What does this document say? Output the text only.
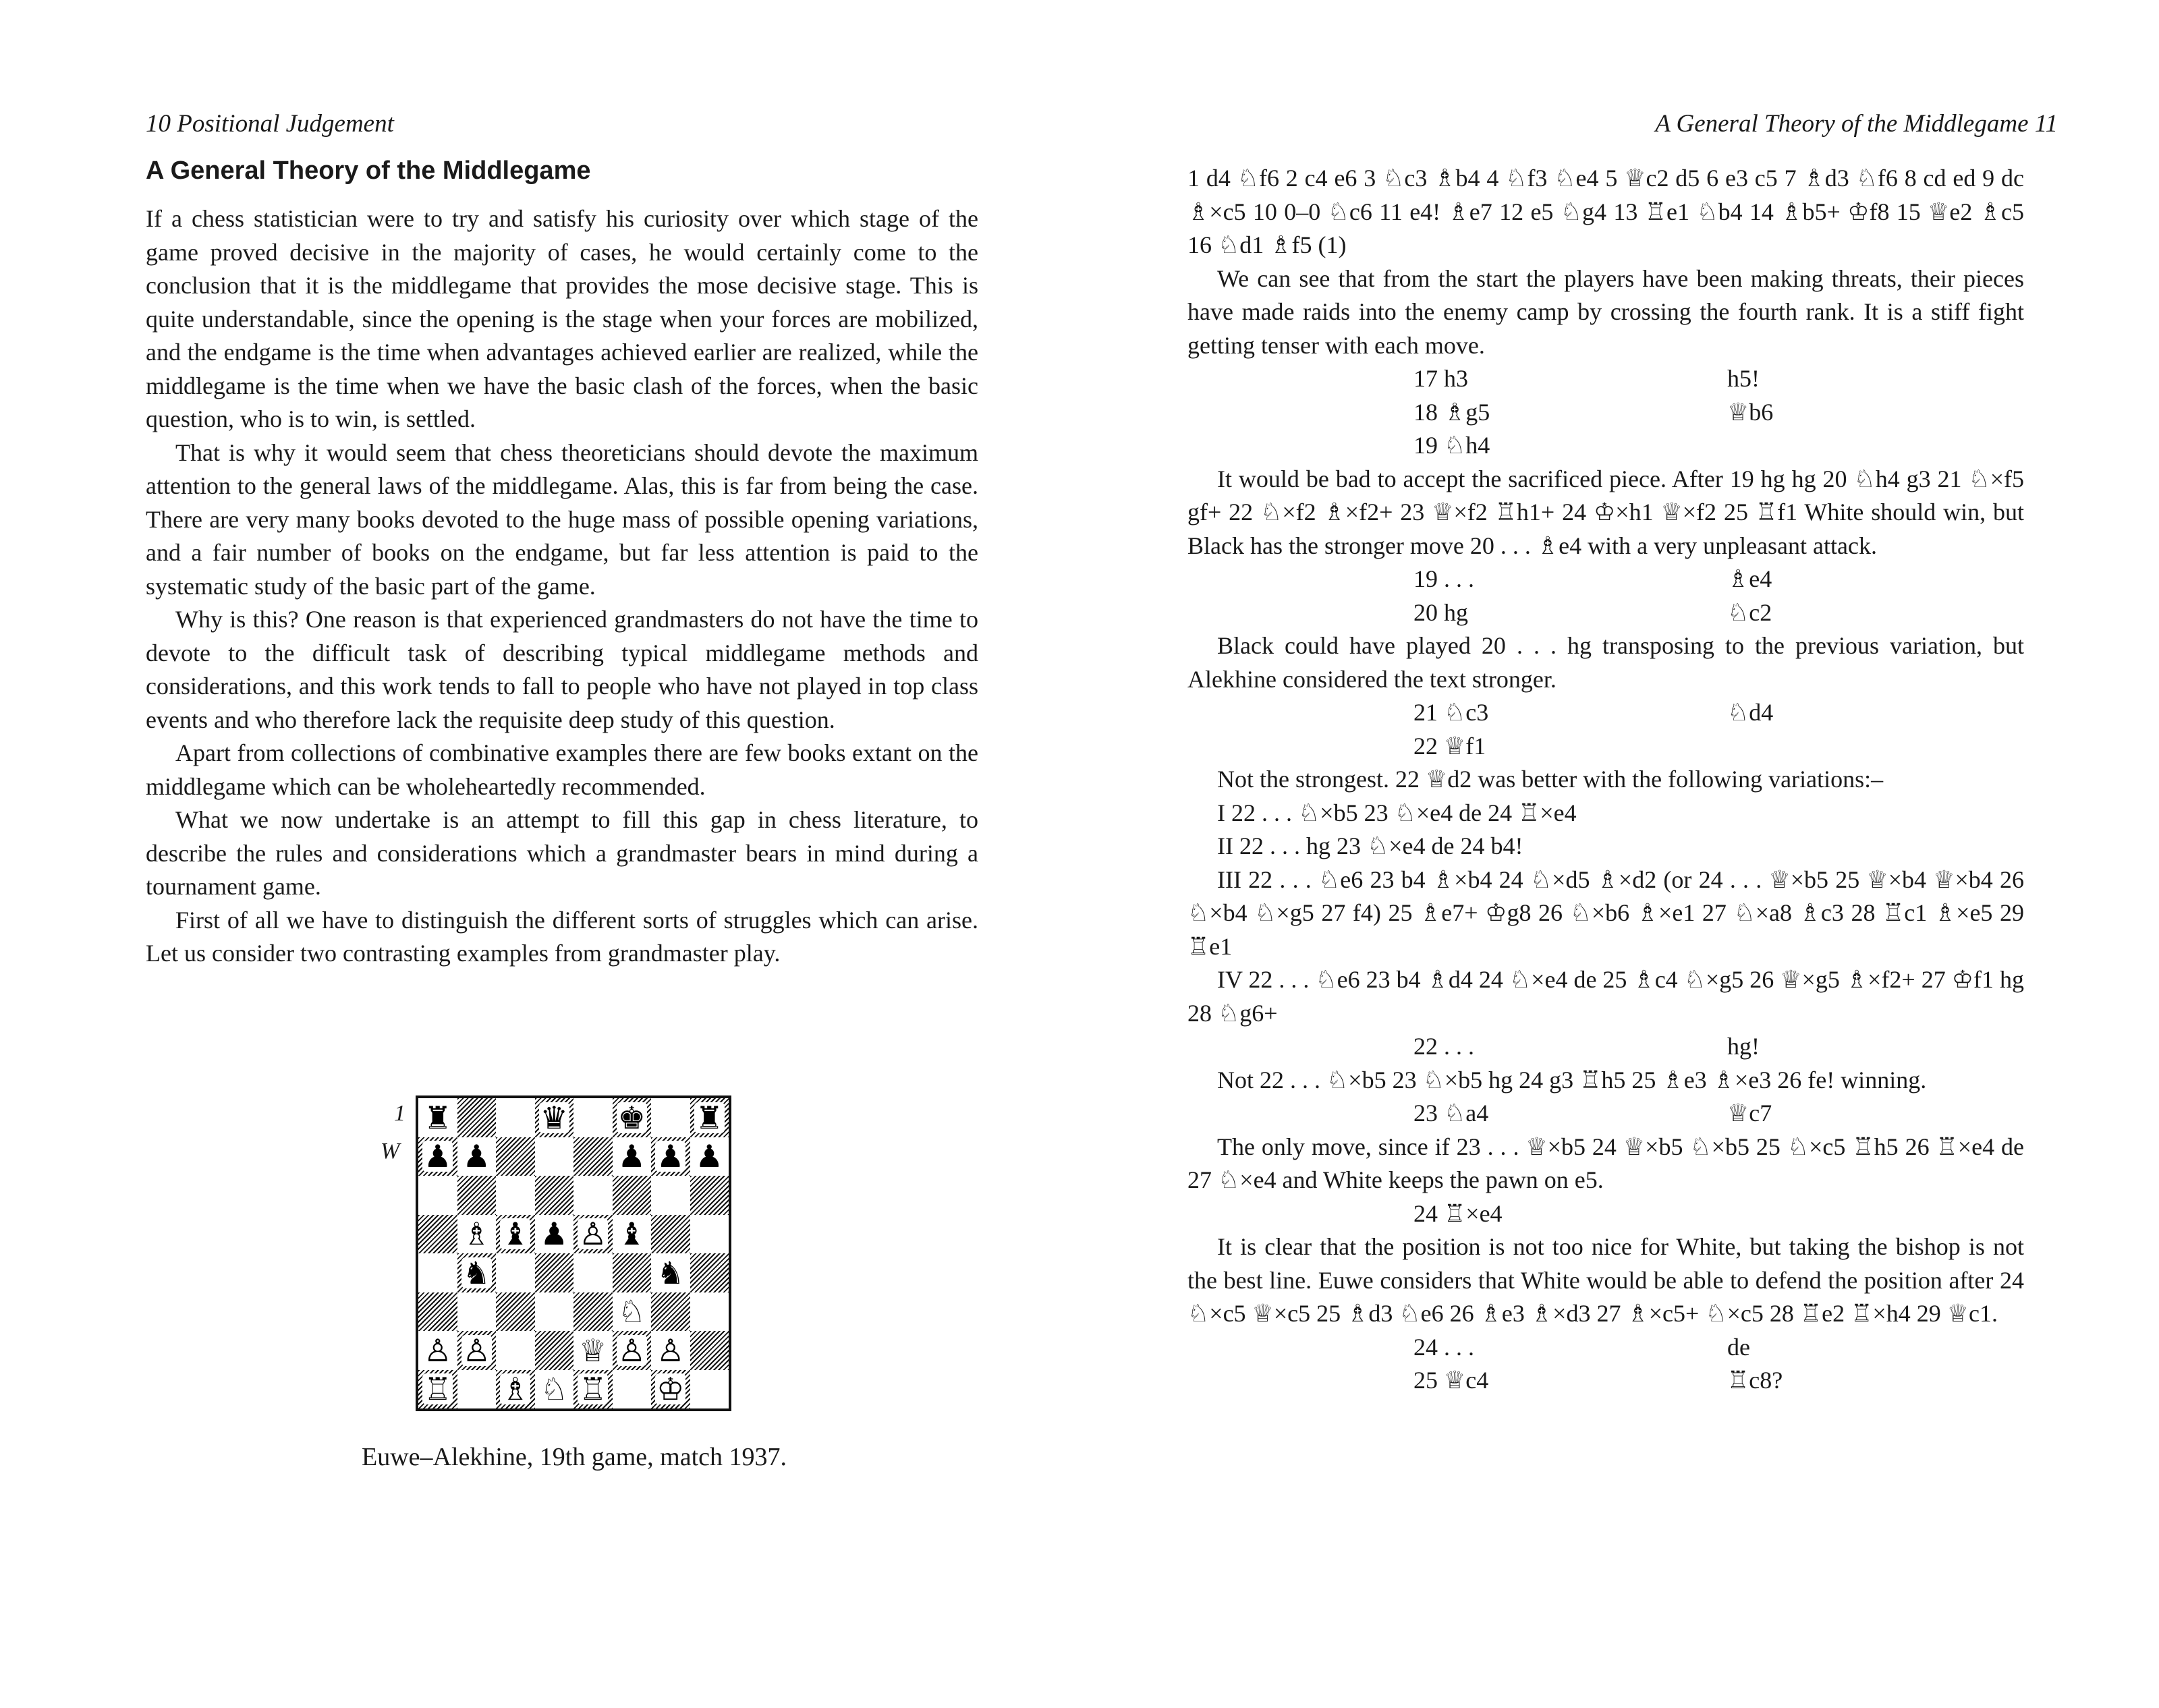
10 Positional Judgement
A General Theory of the Middlegame

If a chess statistician were to try and satisfy his curiosity over which stage of the game proved decisive in the majority of cases, he would certainly come to the conclusion that it is the middlegame that provides the mose decisive stage. This is quite understandable, since the opening is the stage when your forces are mobilized, and the endgame is the time when advantages achieved earlier are realized, while the middlegame is the time when we have the basic clash of the forces, when the basic question, who is to win, is settled.

That is why it would seem that chess theoreticians should devote the maximum attention to the general laws of the middlegame. Alas, this is far from being the case. There are very many books devoted to the huge mass of possible opening variations, and a fair number of books on the endgame, but far less attention is paid to the systematic study of the basic part of the game.

Why is this? One reason is that experienced grandmasters do not have the time to devote to the difficult task of describing typical middlegame methods and considerations, and this work tends to fall to people who have not played in top class events and who therefore lack the requisite deep study of this question.

Apart from collections of combinative examples there are few books extant on the middlegame which can be wholeheartedly recommended.

What we now undertake is an attempt to fill this gap in chess literature, to describe the rules and considerations which a grandmaster bears in mind during a tournament game.

First of all we have to distinguish the different sorts of struggles which can arise. Let us consider two contrasting examples from grandmaster play.

1
W
♜	♛ ♚ ♜
♟ ♟	♟ ♟ ♟
♗ ♝ ♟ ♙ ♝
♞	♞
♘
♙ ♙	♕ ♙ ♙
♖ ♗ ♘ ♖ ♔
Euwe–Alekhine, 19th game, match 1937.
A General Theory of the Middlegame 11

1 d4 ♘f6 2 c4 e6 3 ♘c3 ♗b4 4 ♘f3 ♘e4 5 ♕c2 d5 6 e3 c5 7 ♗d3 ♘f6 8 cd ed 9 dc ♗×c5 10 0–0 ♘c6 11 e4! ♗e7 12 e5 ♘g4 13 ♖e1 ♘b4 14 ♗b5+ ♔f8 15 ♕e2 ♗c5 16 ♘d1 ♗f5 (1)

We can see that from the start the players have been making threats, their pieces have made raids into the enemy camp by crossing the fourth rank. It is a stiff fight getting tenser with each move.

17 h3	h5!
18 ♗g5	♕b6
19 ♘h4

It would be bad to accept the sacrificed piece. After 19 hg hg 20 ♘h4 g3 21 ♘×f5 gf+ 22 ♘×f2 ♗×f2+ 23 ♕×f2 ♖h1+ 24 ♔×h1 ♕×f2 25 ♖f1 White should win, but Black has the stronger move 20 . . . ♗e4 with a very unpleasant attack.

19 . . .	♗e4
20 hg	♘c2

Black could have played 20 . . . hg transposing to the previous variation, but Alekhine considered the text stronger.

21 ♘c3	♘d4
22 ♕f1

Not the strongest. 22 ♕d2 was better with the following variations:–

I 22 . . . ♘×b5 23 ♘×e4 de 24 ♖×e4

II 22 . . . hg 23 ♘×e4 de 24 b4!

III 22 . . . ♘e6 23 b4 ♗×b4 24 ♘×d5 ♗×d2 (or 24 . . . ♕×b5 25 ♕×b4 ♕×b4 26 ♘×b4 ♘×g5 27 f4) 25 ♗e7+ ♔g8 26 ♘×b6 ♗×e1 27 ♘×a8 ♗c3 28 ♖c1 ♗×e5 29 ♖e1

IV 22 . . . ♘e6 23 b4 ♗d4 24 ♘×e4 de 25 ♗c4 ♘×g5 26 ♕×g5 ♗×f2+ 27 ♔f1 hg 28 ♘g6+

22 . . .	hg!

Not 22 . . . ♘×b5 23 ♘×b5 hg 24 g3 ♖h5 25 ♗e3 ♗×e3 26 fe! winning.

23 ♘a4	♕c7

The only move, since if 23 . . . ♕×b5 24 ♕×b5 ♘×b5 25 ♘×c5 ♖h5 26 ♖×e4 de 27 ♘×e4 and White keeps the pawn on e5.

24 ♖×e4

It is clear that the position is not too nice for White, but taking the bishop is not the best line. Euwe considers that White would be able to defend the position after 24 ♘×c5 ♕×c5 25 ♗d3 ♘e6 26 ♗e3 ♗×d3 27 ♗×c5+ ♘×c5 28 ♖e2 ♖×h4 29 ♕c1.

24 . . .	de
25 ♕c4	♖c8?
